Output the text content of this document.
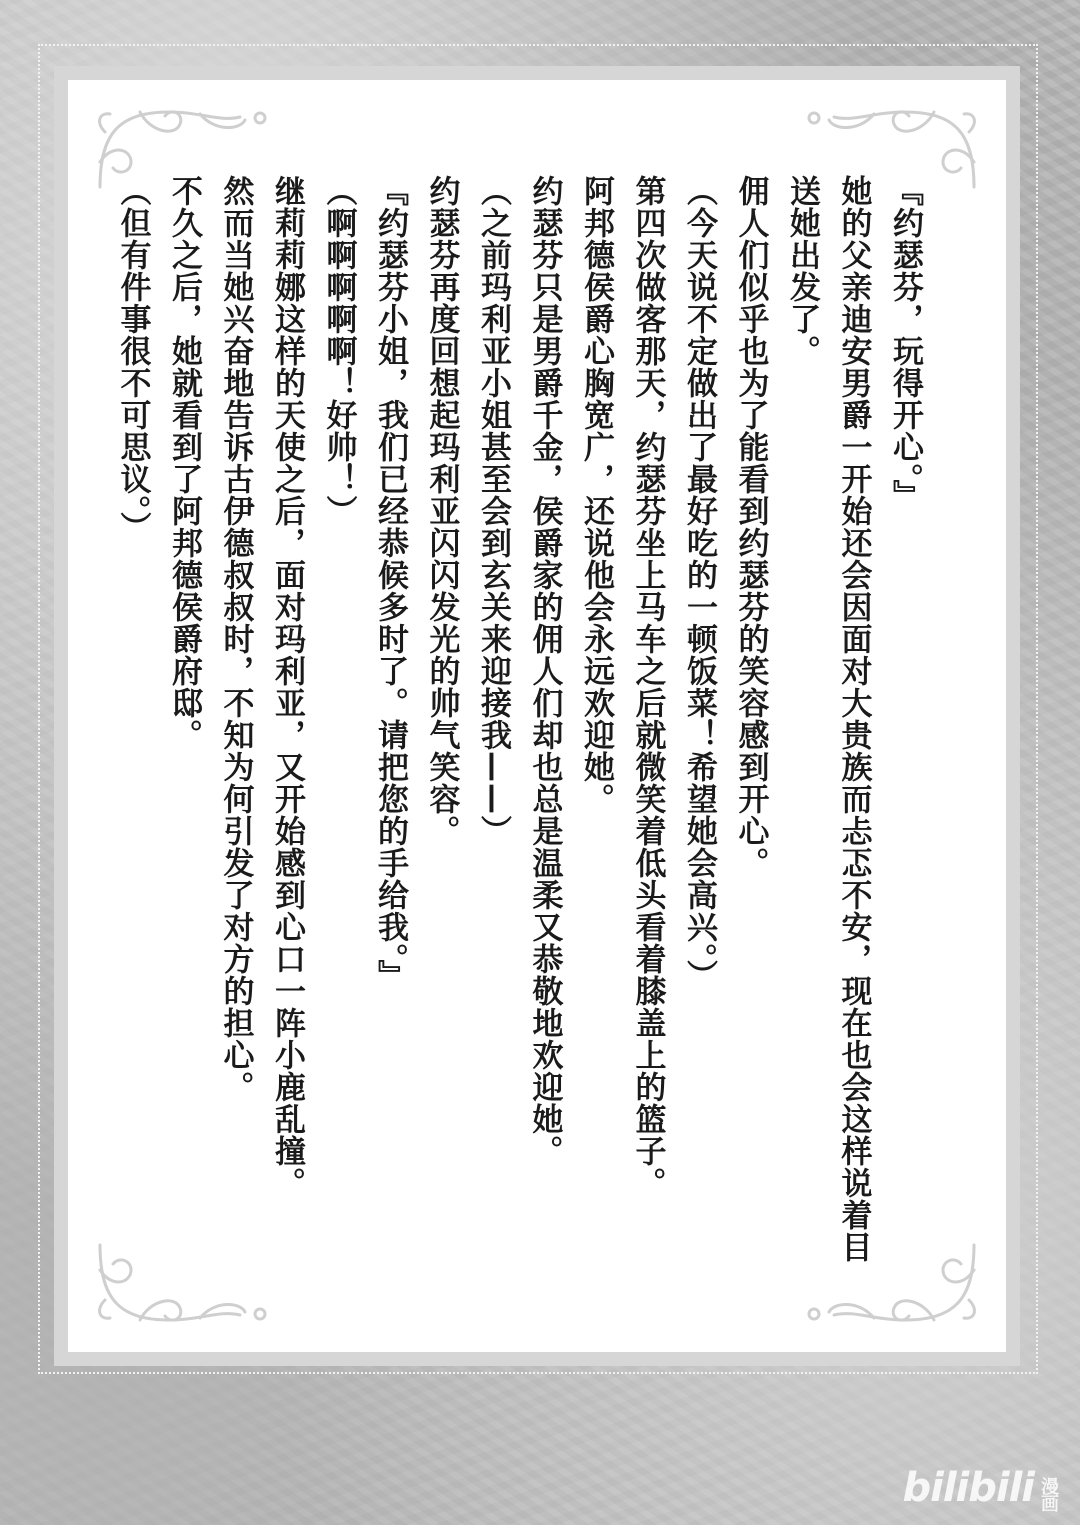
『约瑟芬，玩得开心。』

她的父亲迪安男爵一开始还会因面对大贵族而忐忑不安，现在也会这样说着目送她出发了。

佣人们似乎也为了能看到约瑟芬的笑容感到开心。

（今天说不定做出了最好吃的一顿饭菜！希望她会高兴。）

第四次做客那天，约瑟芬坐上马车之后就微笑着低头看着膝盖上的篮子。

阿邦德侯爵心胸宽广，还说他会永远欢迎她。

约瑟芬只是男爵千金，侯爵家的佣人们却也总是温柔又恭敬地欢迎她。

（之前玛利亚小姐甚至会到玄关来迎接我——）

约瑟芬再度回想起玛利亚闪闪发光的帅气笑容。

『约瑟芬小姐，我们已经恭候多时了。请把您的手给我。』

（啊啊啊啊啊！好帅！）

继莉莉娜这样的天使之后，面对玛利亚，又开始感到心口一阵小鹿乱撞。

然而当她兴奋地告诉古伊德叔叔时，不知为何引发了对方的担心。

不久之后，她就看到了阿邦德侯爵府邸。

（但有件事很不可思议。）

bilibili 漫画
